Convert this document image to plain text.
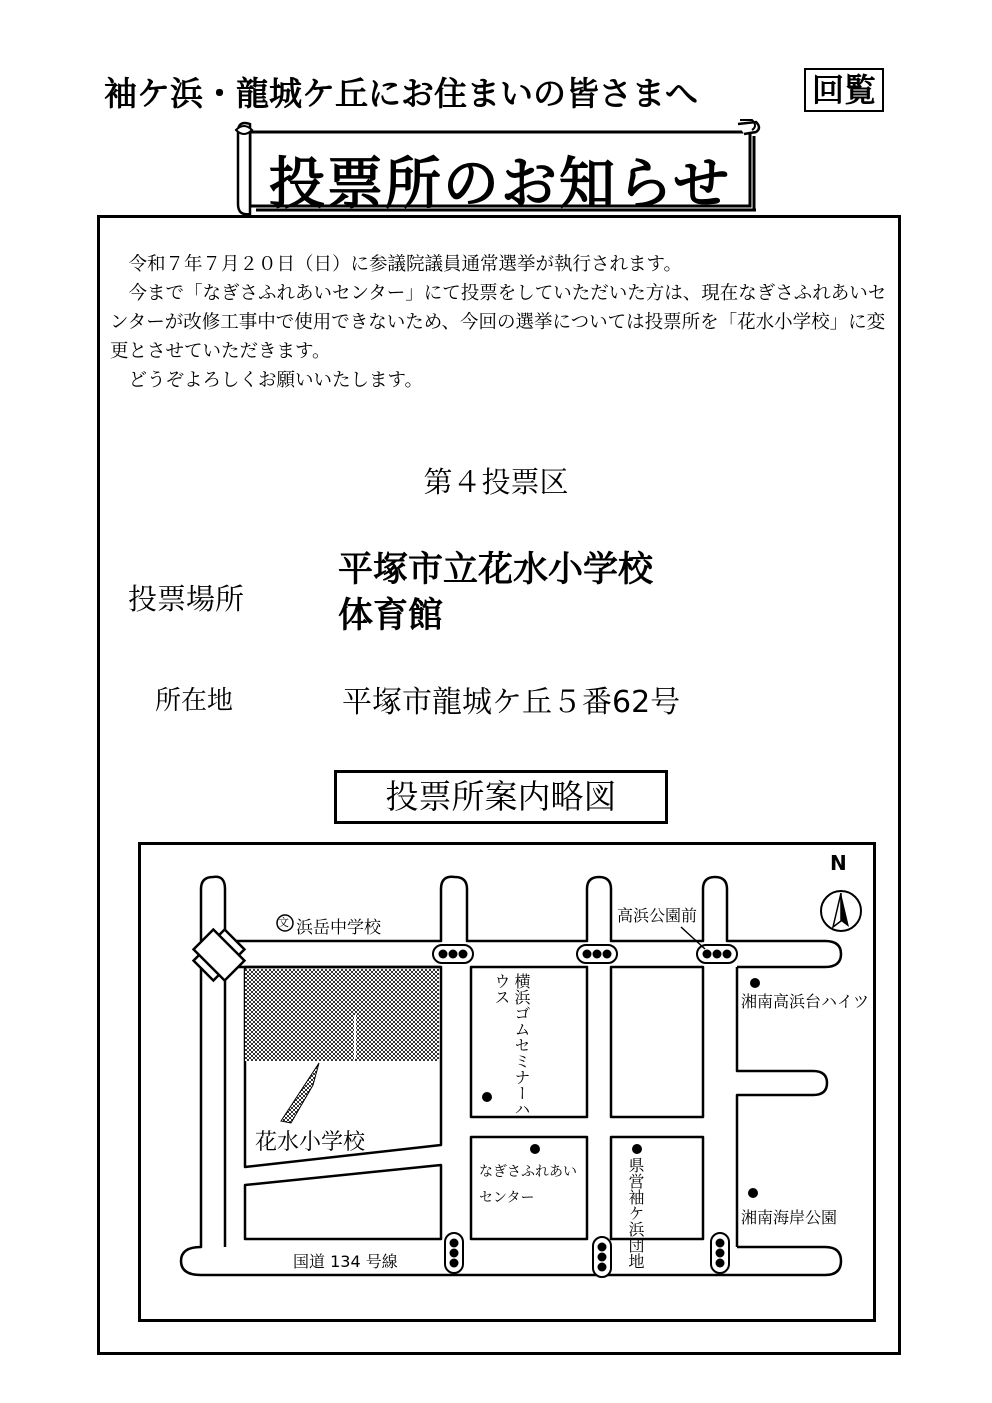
袖ケ浜・龍城ケ丘にお住まいの皆さまへ	回覧
投票所のお知らせ

令和７年７月２０日（日）に参議院議員通常選挙が執行されます。

今まで「なぎさふれあいセンター」にて投票をしていただいた方は、現在なぎさふれあいセンターが改修工事中で使用できないため、今回の選挙については投票所を「花水小学校」に変更とさせていただきます。

どうぞよろしくお願いいたします。

第４投票区
投票場所
平塚市立花水小学校
体育館
所在地	平塚市龍城ケ丘５番62号
投票所案内略図
N
文 浜岳中学校
高浜公園前
横浜ゴムセミナーハウス	湘南高浜台ハイツ
花水小学校
なぎさふれあい
センター	県営袖ケ浜団地	湘南海岸公園
国道 134 号線
